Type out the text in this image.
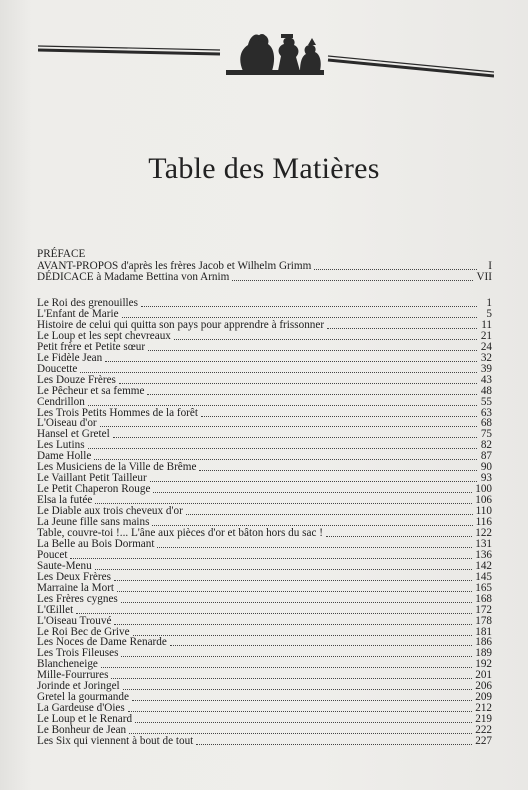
Table des Matières
PRÉFACE
AVANT-PROPOS d'après les frères Jacob et Wilhelm Grimm	I
DÉDICACE à Madame Bettina von Arnim	VII
Le Roi des grenouilles	1
L'Enfant de Marie	5
Histoire de celui qui quitta son pays pour apprendre à frissonner	11
Le Loup et les sept chevreaux	21
Petit frère et Petite sœur	24
Le Fidèle Jean	32
Doucette	39
Les Douze Frères	43
Le Pêcheur et sa femme	48
Cendrillon	55
Les Trois Petits Hommes de la forêt	63
L'Oiseau d'or	68
Hansel et Gretel	75
Les Lutins	82
Dame Holle	87
Les Musiciens de la Ville de Brême	90
Le Vaillant Petit Tailleur	93
Le Petit Chaperon Rouge	100
Elsa la futée	106
Le Diable aux trois cheveux d'or	110
La Jeune fille sans mains	116
Table, couvre-toi !... L'âne aux pièces d'or et bâton hors du sac !	122
La Belle au Bois Dormant	131
Poucet	136
Saute-Menu	142
Les Deux Frères	145
Marraine la Mort	165
Les Frères cygnes	168
L'Œillet	172
L'Oiseau Trouvé	178
Le Roi Bec de Grive	181
Les Noces de Dame Renarde	186
Les Trois Fileuses	189
Blancheneige	192
Mille-Fourrures	201
Jorinde et Joringel	206
Gretel la gourmande	209
La Gardeuse d'Oies	212
Le Loup et le Renard	219
Le Bonheur de Jean	222
Les Six qui viennent à bout de tout	227
